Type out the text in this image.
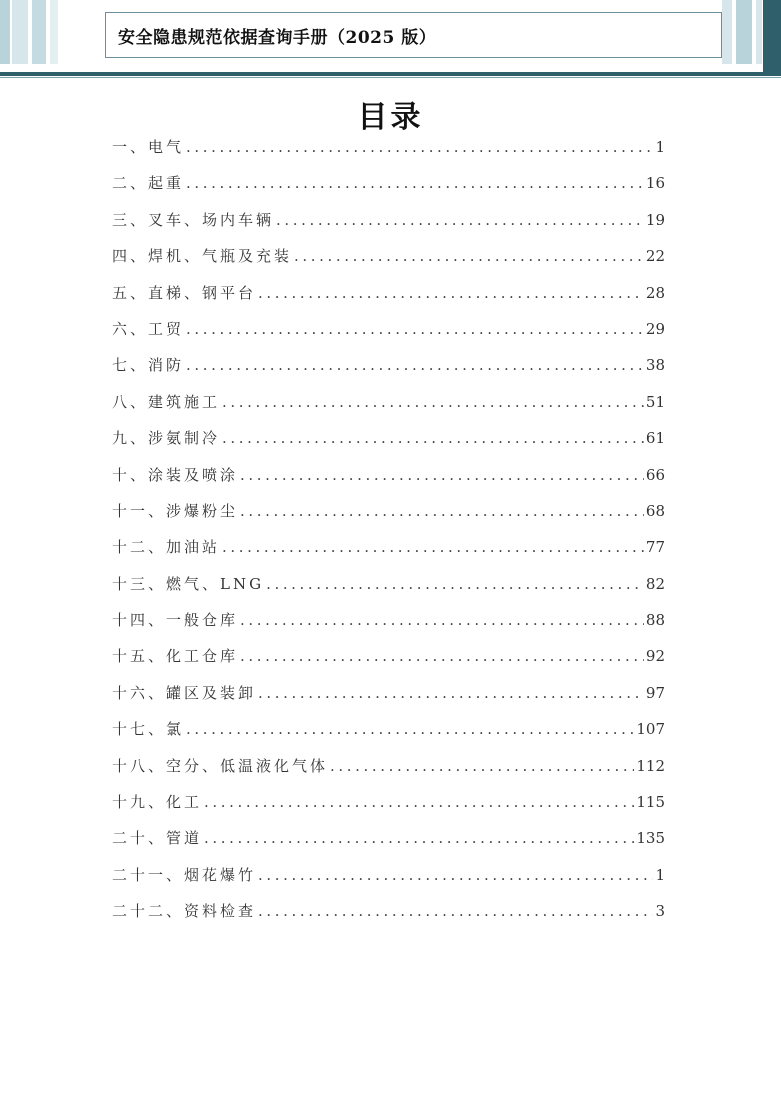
安全隐患规范依据查询手册（2025 版）
目录
一、电气 .....	1
二、起重 .....	16
三、叉车、场内车辆 .....	19
四、焊机、气瓶及充装 .....	22
五、直梯、钢平台 .....	28
六、工贸 .....	29
七、消防 .....	38
八、建筑施工 .....	51
九、涉氨制冷 .....	61
十、涂装及喷涂 .....	66
十一、涉爆粉尘 .....	68
十二、加油站 .....	77
十三、燃气、LNG .....	82
十四、一般仓库 .....	88
十五、化工仓库 .....	92
十六、罐区及装卸 .....	97
十七、氯 .....	107
十八、空分、低温液化气体 .....	112
十九、化工 .....	115
二十、管道 .....	135
二十一、烟花爆竹 .....	1
二十二、资料检查 .....	3
